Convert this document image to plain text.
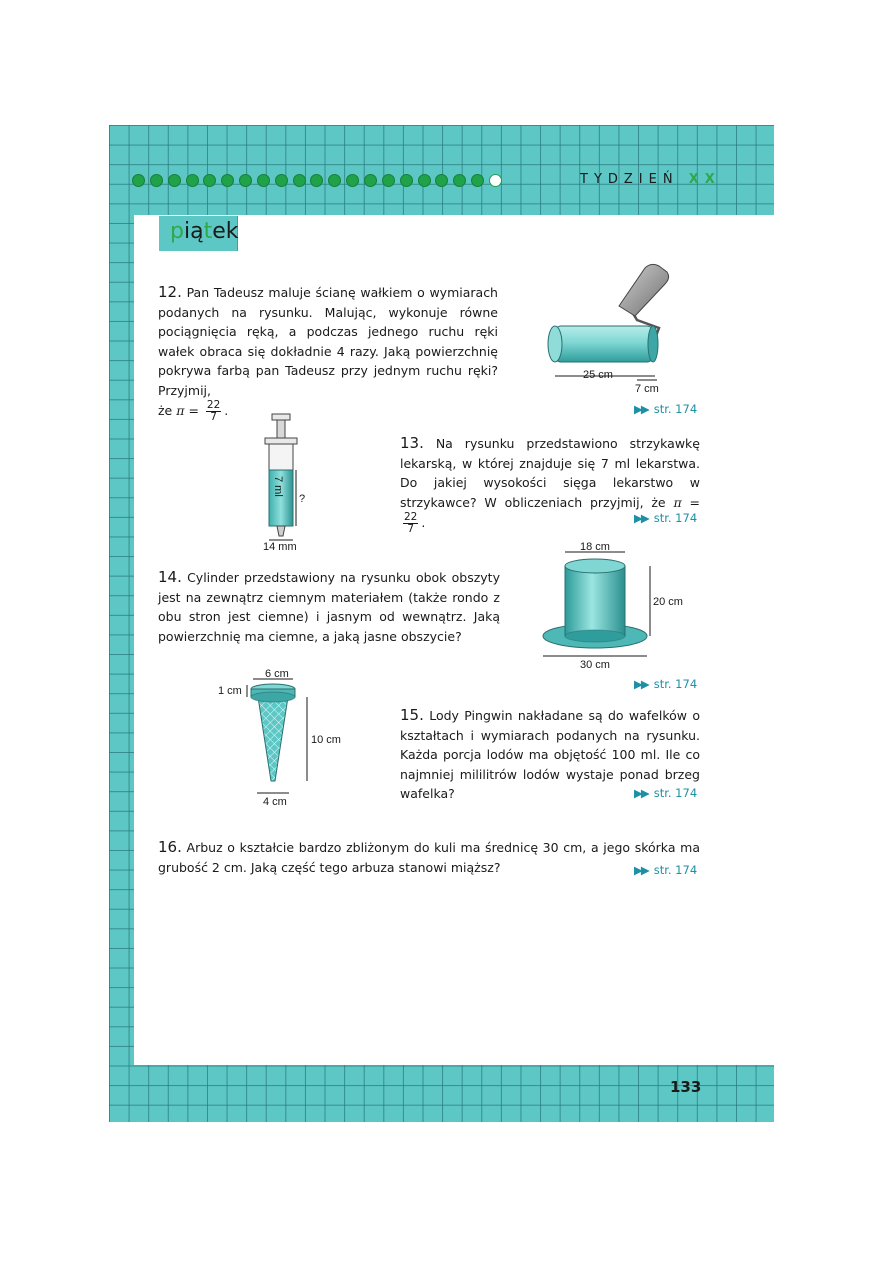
TYDZIEŃ XX
piątek
12. Pan Tadeusz maluje ścianę wałkiem o wymiarach podanych na rysunku. Malując, wykonuje równe pociągnięcia ręką, a podczas jednego ruchu ręki wałek obraca się dokładnie 4 razy. Jaką powierzchnię pokrywa farbą pan Tadeusz przy jednym ruchu ręki? Przyjmij,
że $\pi = \frac{22}{7}$ .
25 cm
7 cm
▶▶ str. 174
7 ml
?
14 mm
13. Na rysunku przedstawiono strzykawkę lekarską, w której znajduje się 7 ml lekarstwa. Do jakiej wysokości sięga lekarstwo w strzykawce? W obliczeniach przyjmij, że π =
$\frac{22}{7}$ .	▶▶ str. 174
14. Cylinder przedstawiony na rysunku obok obszyty jest na zewnątrz ciemnym materiałem (także rondo z obu stron jest ciemne) i jasnym od wewnątrz. Jaką powierzchnię ma ciemne, a jaką jasne obszycie?
18 cm
20 cm
30 cm
▶▶ str. 174
6 cm
1 cm
10 cm
4 cm
15. Lody Pingwin nakładane są do wafelków o kształtach i wymiarach podanych na rysunku. Każda porcja lodów ma objętość 100 ml. Ile co najmniej mililitrów lodów wystaje ponad brzeg wafelka?	▶▶ str. 174
16. Arbuz o kształcie bardzo zbliżonym do kuli ma średnicę 30 cm, a jego skórka ma grubość 2 cm. Jaką część tego arbuza stanowi miąższ?	▶▶ str. 174
133
